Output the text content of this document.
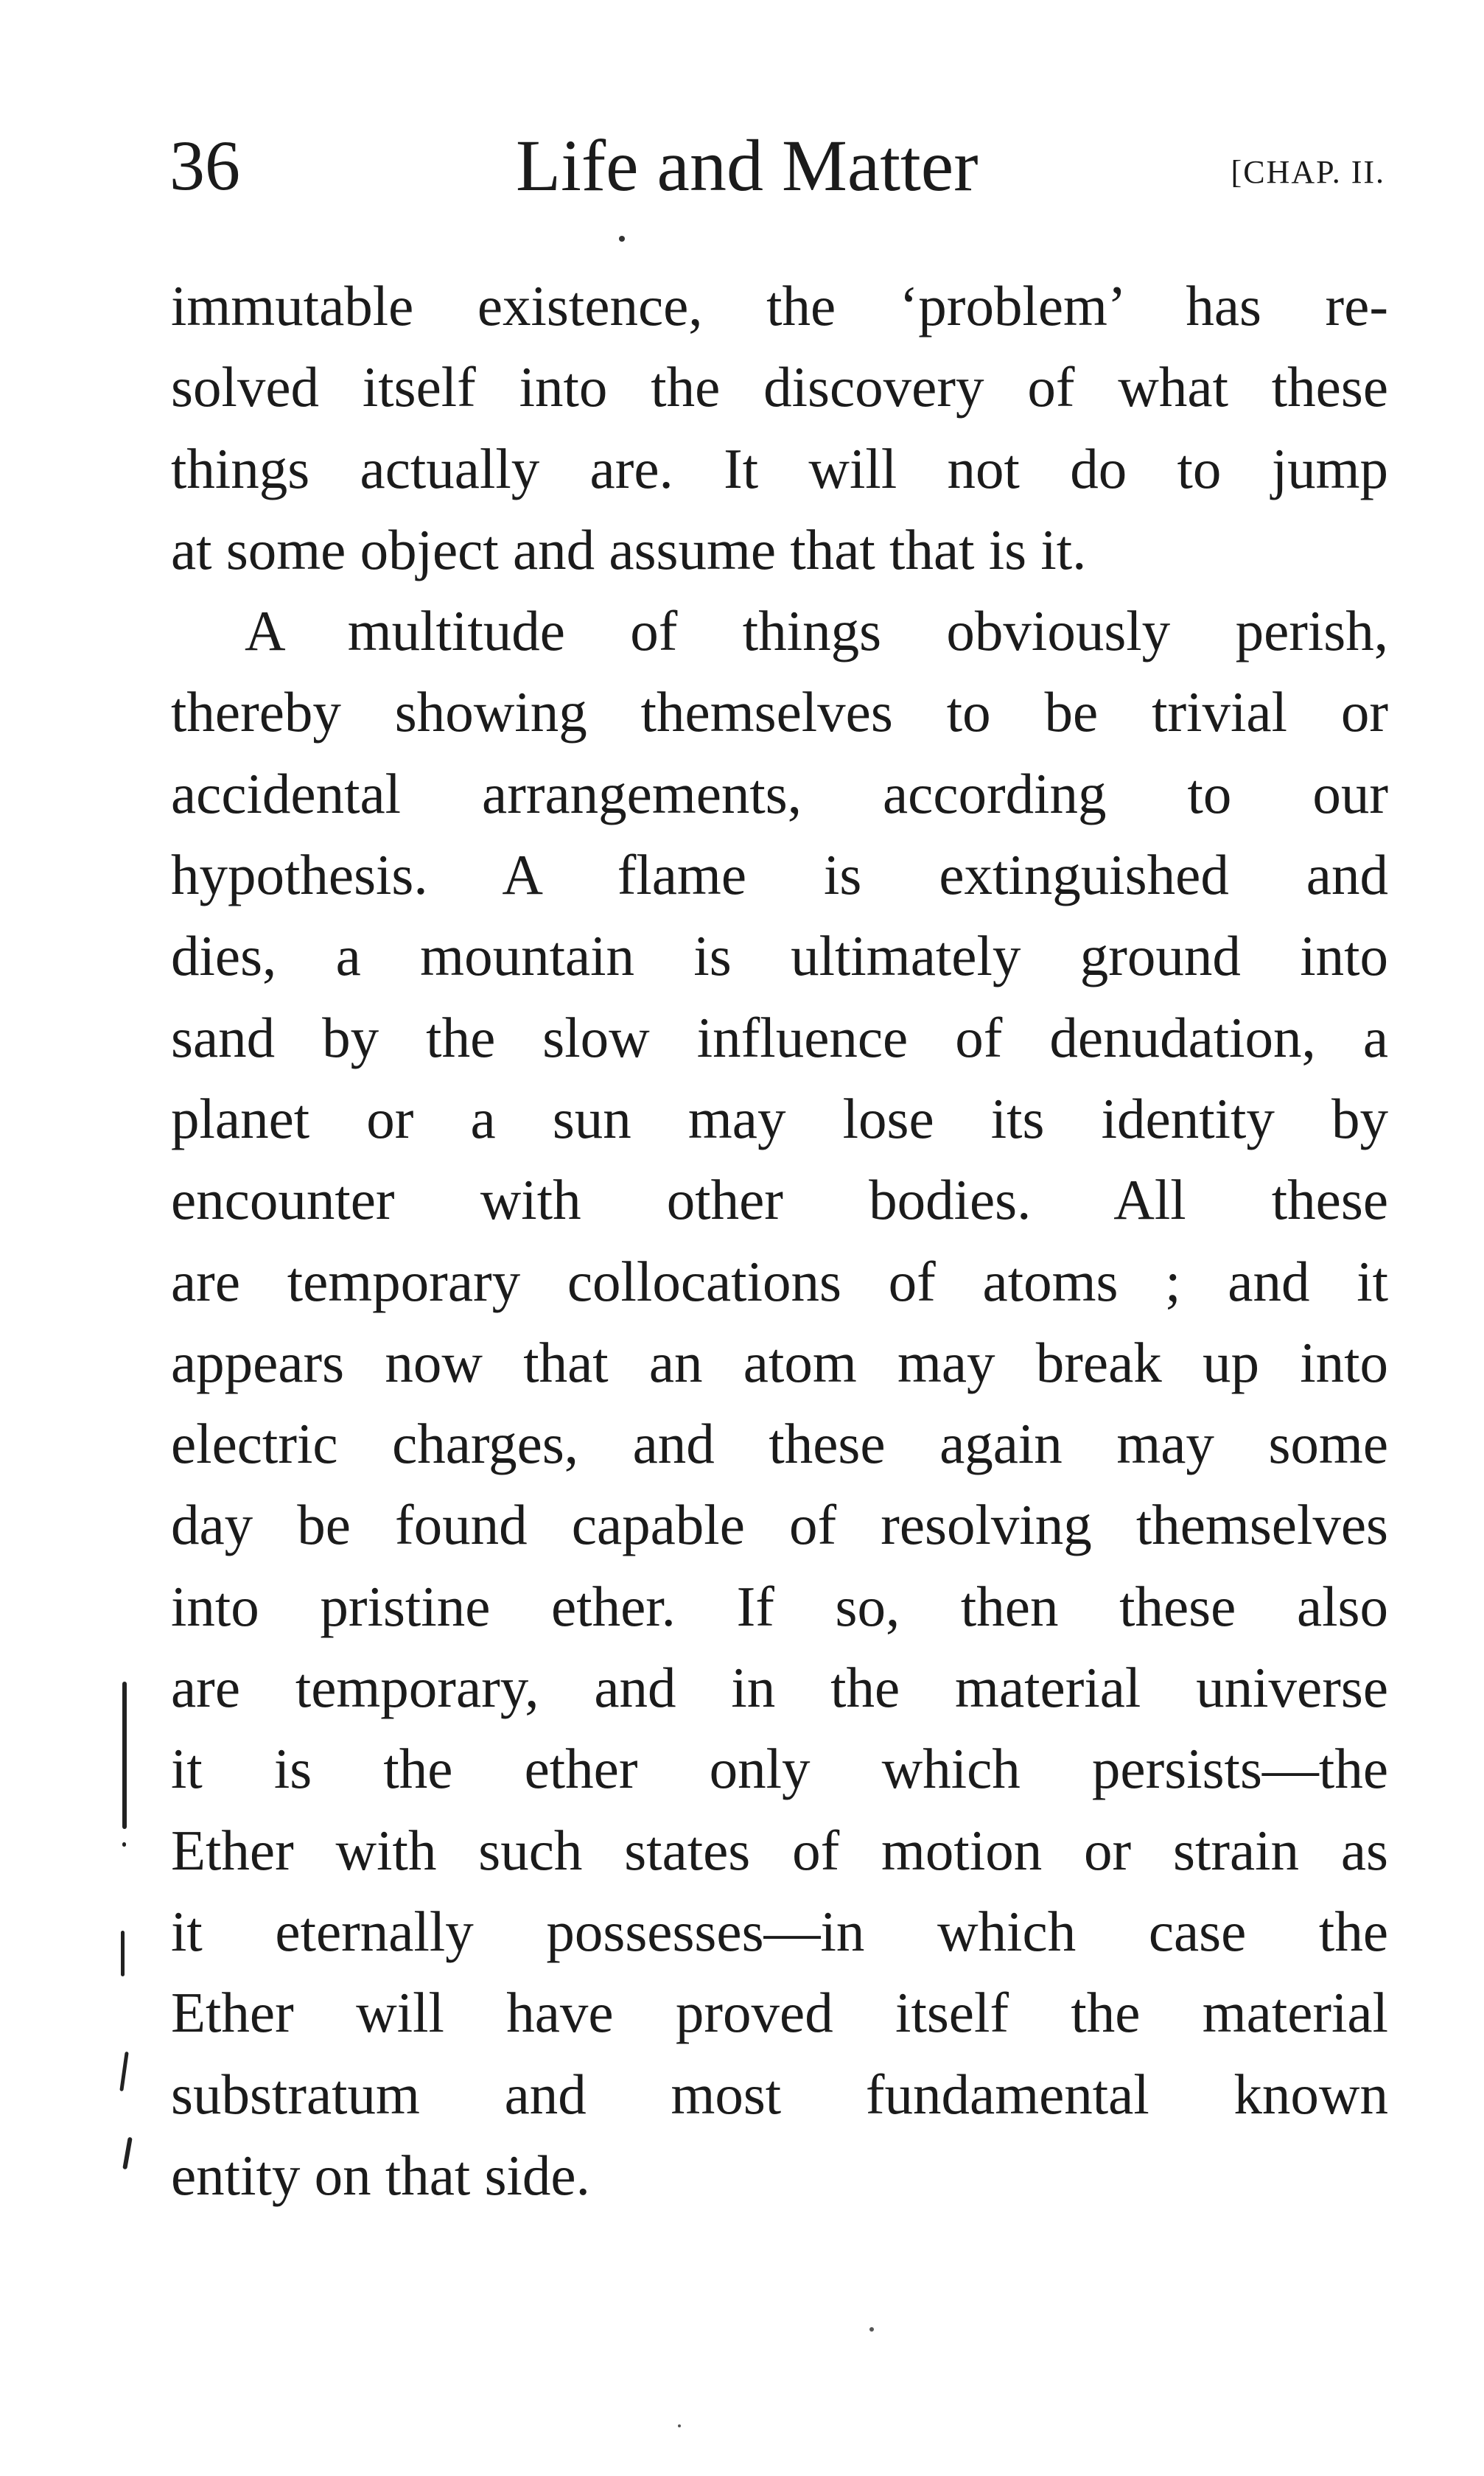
36	Life and Matter	[CHAP. II.
immutable existence, the ‘problem’ has re-
solved itself into the discovery of what these
things actually are. It will not do to jump
at some object and assume that that is it.
A multitude of things obviously perish,
thereby showing themselves to be trivial or
accidental arrangements, according to our
hypothesis. A flame is extinguished and
dies, a mountain is ultimately ground into
sand by the slow influence of denudation, a
planet or a sun may lose its identity by
encounter with other bodies. All these
are temporary collocations of atoms ; and it
appears now that an atom may break up into
electric charges, and these again may some
day be found capable of resolving themselves
into pristine ether. If so, then these also
are temporary, and in the material universe
it is the ether only which persists—the
Ether with such states of motion or strain as
it eternally possesses—in which case the
Ether will have proved itself the material
substratum and most fundamental known
entity on that side.
